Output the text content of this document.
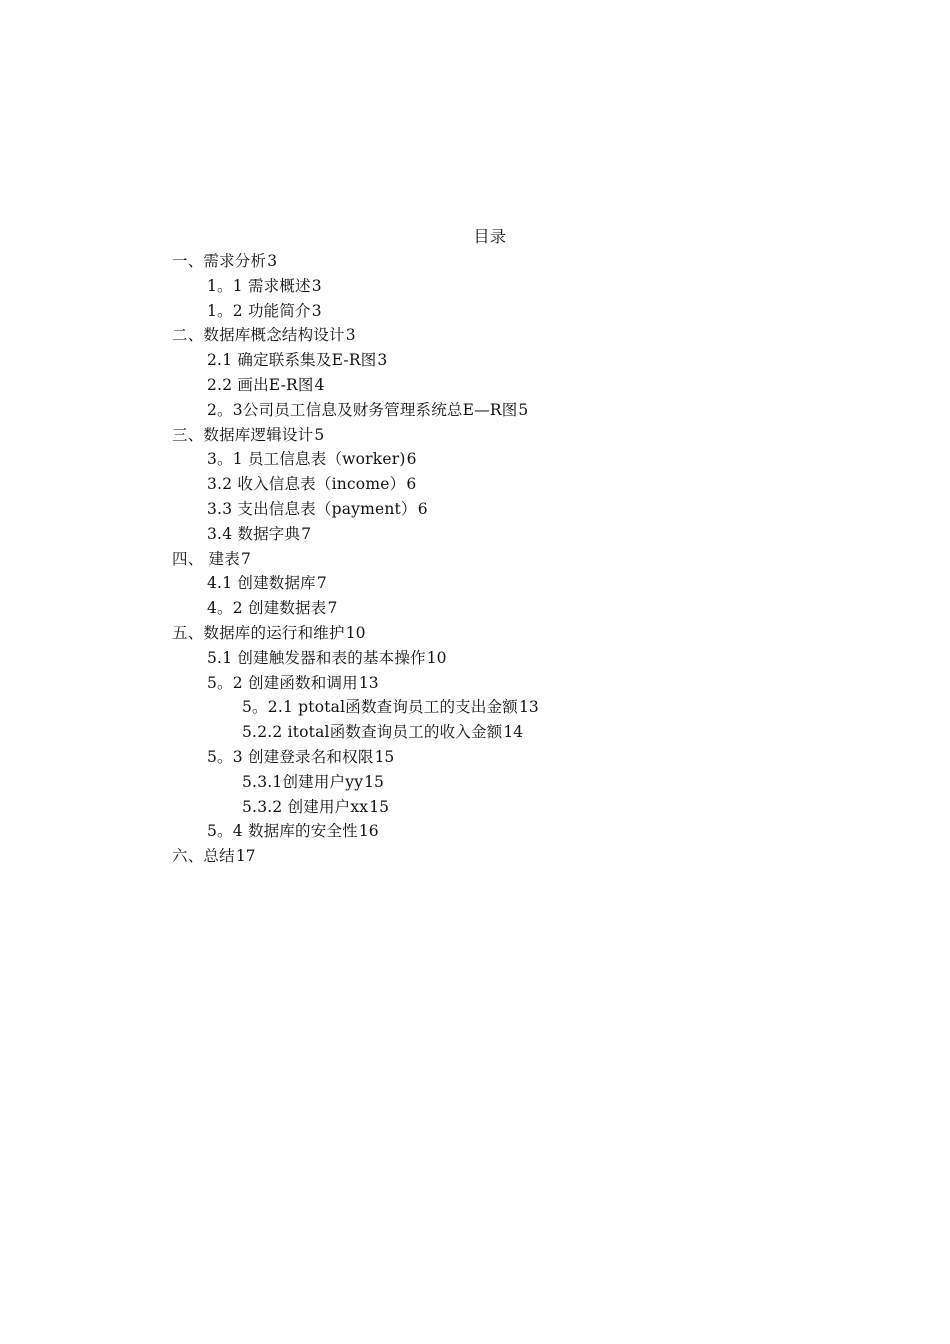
目录
一、需求分析3
1。1 需求概述3
1。2 功能简介3
二、数据库概念结构设计3
2.1 确定联系集及E-R图3
2.2 画出E-R图4
2。3公司员工信息及财务管理系统总E—R图5
三、数据库逻辑设计5
3。1 员工信息表（worker)6
3.2 收入信息表（income）6
3.3 支出信息表（payment）6
3.4 数据字典7
四、 建表7
4.1 创建数据库7
4。2 创建数据表7
五、数据库的运行和维护10
5.1 创建触发器和表的基本操作10
5。2 创建函数和调用13
5。2.1 ptotal函数查询员工的支出金额13
5.2.2 itotal函数查询员工的收入金额14
5。3 创建登录名和权限15
5.3.1创建用户yy15
5.3.2 创建用户xx15
5。4 数据库的安全性16
六、总结17
